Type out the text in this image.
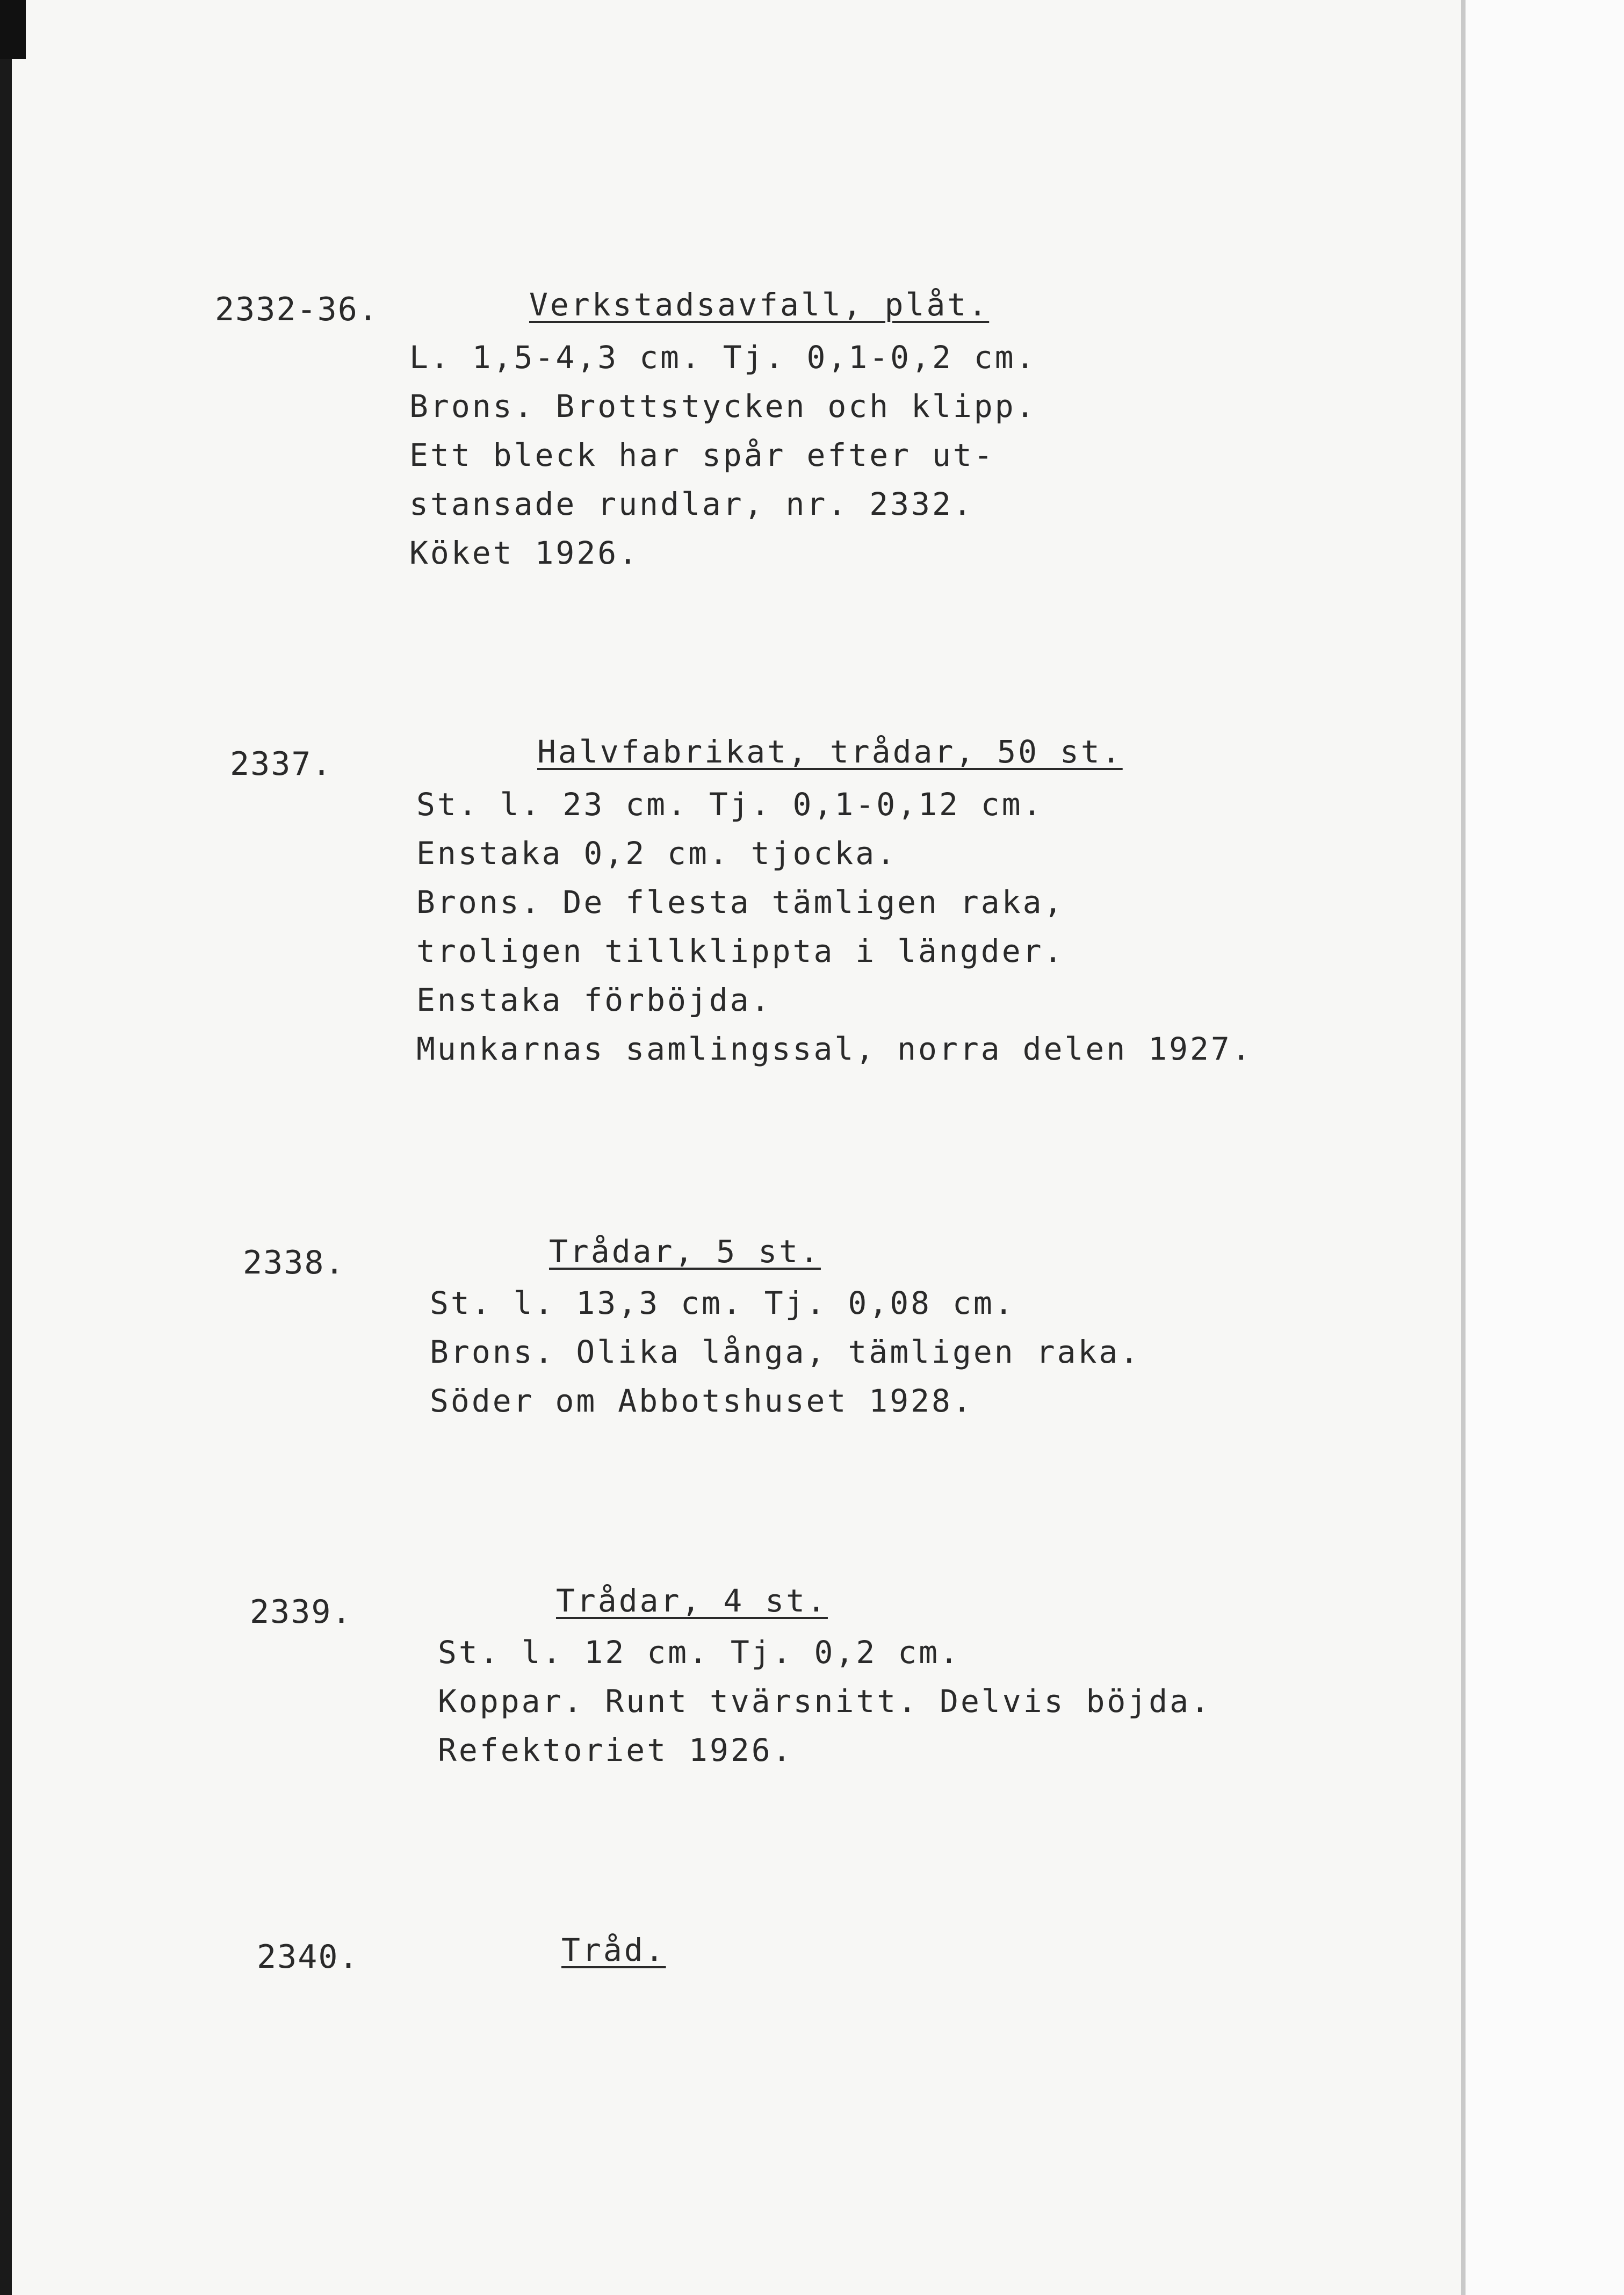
2332-36.	Verkstadsavfall, plåt.
L. 1,5-4,3 cm. Tj. 0,1-0,2 cm.
Brons. Brottstycken och klipp.
Ett bleck har spår efter ut-
stansade rundlar, nr. 2332.
Köket 1926.
2337.	Halvfabrikat, trådar, 50 st.
St. l. 23 cm. Tj. 0,1-0,12 cm.
Enstaka 0,2 cm. tjocka.
Brons. De flesta tämligen raka,
troligen tillklippta i längder.
Enstaka förböjda.
Munkarnas samlingssal, norra delen 1927.
2338.	Trådar, 5 st.
St. l. 13,3 cm. Tj. 0,08 cm.
Brons. Olika långa, tämligen raka.
Söder om Abbotshuset 1928.
2339.	Trådar, 4 st.
St. l. 12 cm. Tj. 0,2 cm.
Koppar. Runt tvärsnitt. Delvis böjda.
Refektoriet 1926.
2340.	Tråd.
